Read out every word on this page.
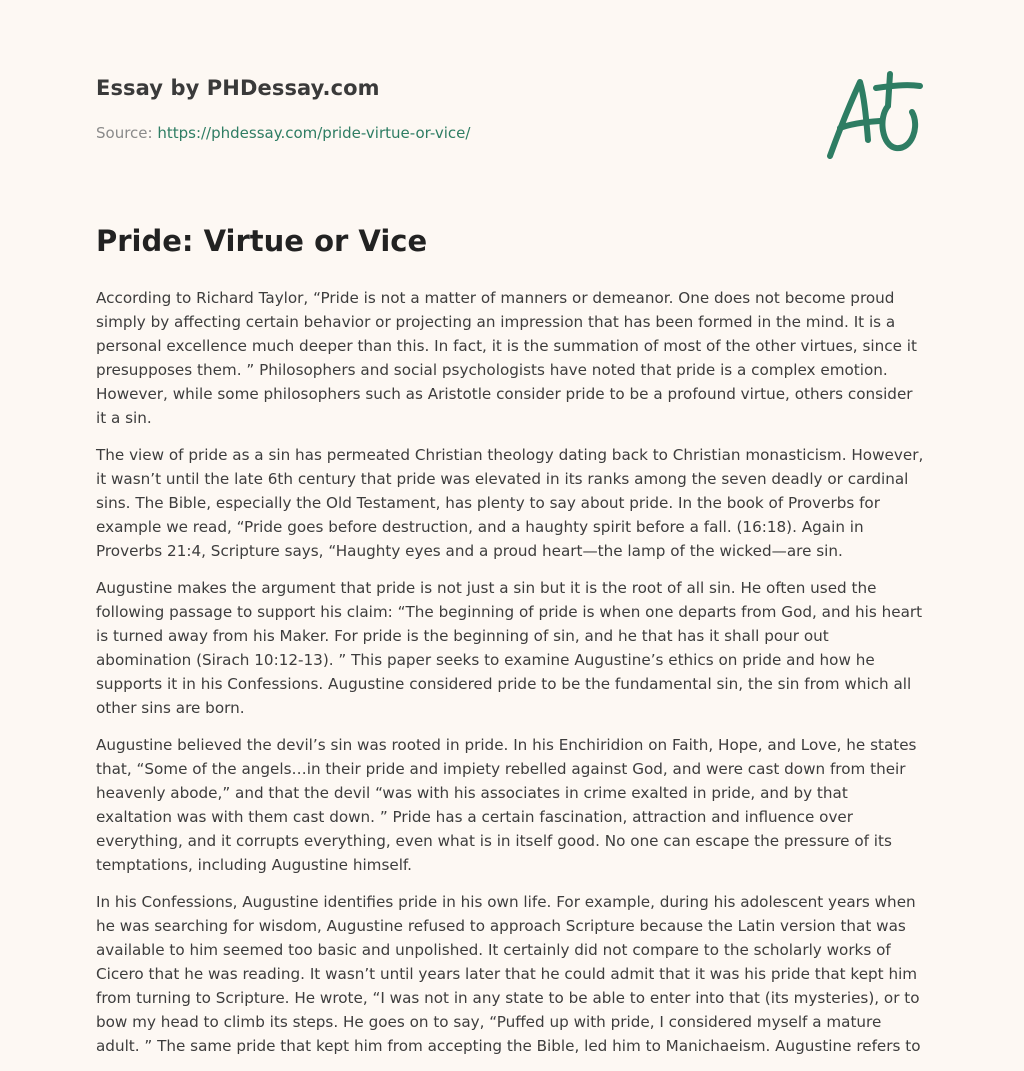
Essay by PHDessay.com
Source: https://phdessay.com/pride-virtue-or-vice/
Pride: Virtue or Vice

According to Richard Taylor, “Pride is not a matter of manners or demeanor. One does not become proud simply by affecting certain behavior or projecting an impression that has been formed in the mind. It is a personal excellence much deeper than this. In fact, it is the summation of most of the other virtues, since it presupposes them. ” Philosophers and social psychologists have noted that pride is a complex emotion. However, while some philosophers such as Aristotle consider pride to be a profound virtue, others consider it a sin.

The view of pride as a sin has permeated Christian theology dating back to Christian monasticism. However, it wasn’t until the late 6th century that pride was elevated in its ranks among the seven deadly or cardinal sins. The Bible, especially the Old Testament, has plenty to say about pride. In the book of Proverbs for example we read, “Pride goes before destruction, and a haughty spirit before a fall. (16:18). Again in Proverbs 21:4, Scripture says, “Haughty eyes and a proud heart—the lamp of the wicked—are sin.

Augustine makes the argument that pride is not just a sin but it is the root of all sin. He often used the following passage to support his claim: “The beginning of pride is when one departs from God, and his heart is turned away from his Maker. For pride is the beginning of sin, and he that has it shall pour out abomination (Sirach 10:12-13). ” This paper seeks to examine Augustine’s ethics on pride and how he supports it in his Confessions. Augustine considered pride to be the fundamental sin, the sin from which all other sins are born.

Augustine believed the devil’s sin was rooted in pride. In his Enchiridion on Faith, Hope, and Love, he states that, “Some of the angels…in their pride and impiety rebelled against God, and were cast down from their heavenly abode,” and that the devil “was with his associates in crime exalted in pride, and by that exaltation was with them cast down. ” Pride has a certain fascination, attraction and influence over everything, and it corrupts everything, even what is in itself good. No one can escape the pressure of its temptations, including Augustine himself.

In his Confessions, Augustine identifies pride in his own life. For example, during his adolescent years when he was searching for wisdom, Augustine refused to approach Scripture because the Latin version that was available to him seemed too basic and unpolished. It certainly did not compare to the scholarly works of Cicero that he was reading. It wasn’t until years later that he could admit that it was his pride that kept him from turning to Scripture. He wrote, “I was not in any state to be able to enter into that (its mysteries), or to bow my head to climb its steps. He goes on to say, “Puffed up with pride, I considered myself a mature adult. ” The same pride that kept him from accepting the Bible, led him to Manichaeism. Augustine refers to
